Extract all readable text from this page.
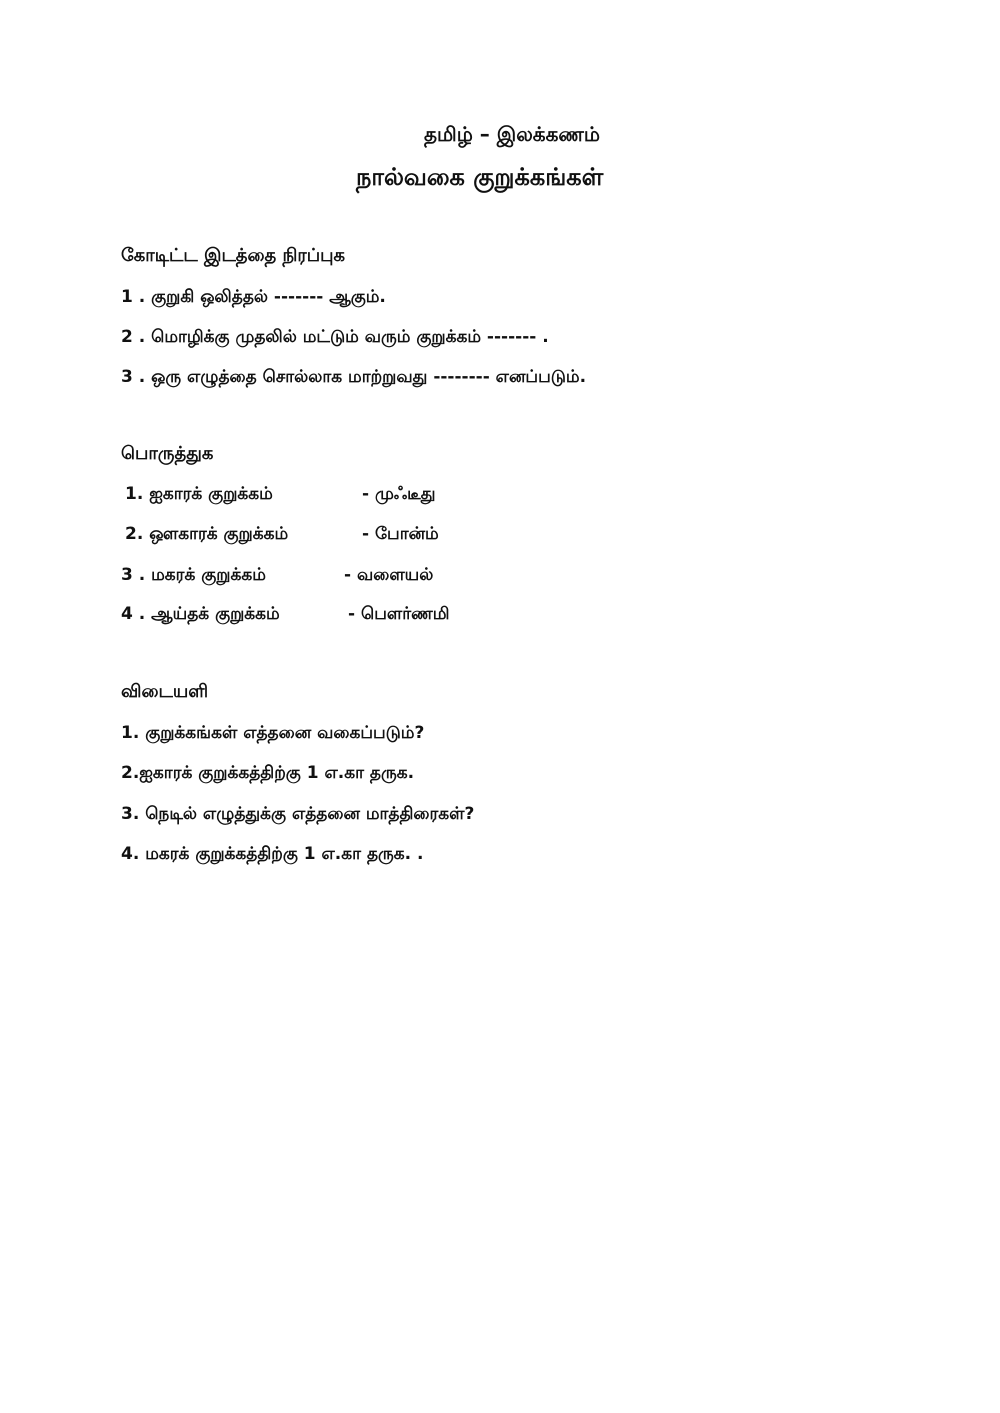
தமிழ் – இலக்கணம்
நால்வகை குறுக்கங்கள்
கோடிட்ட இடத்தை நிரப்புக
1 . குறுகி ஒலித்தல் ------- ஆகும்.
2 . மொழிக்கு முதலில் மட்டும் வரும் குறுக்கம் ------- .
3 . ஒரு எழுத்தை சொல்லாக மாற்றுவது -------- எனப்படும்.
பொருத்துக
1. ஐகாரக் குறுக்கம்	- முஃடீது
2. ஔகாரக் குறுக்கம்	- போன்ம்
3 . மகரக் குறுக்கம்	- வளையல்
4 . ஆய்தக் குறுக்கம்	- பௌர்ணமி
விடையளி
1. குறுக்கங்கள் எத்தனை வகைப்படும்?
2.ஐகாரக் குறுக்கத்திற்கு 1 எ.கா தருக.
3. நெடில் எழுத்துக்கு எத்தனை மாத்திரைகள்?
4. மகரக் குறுக்கத்திற்கு 1 எ.கா தருக. .
